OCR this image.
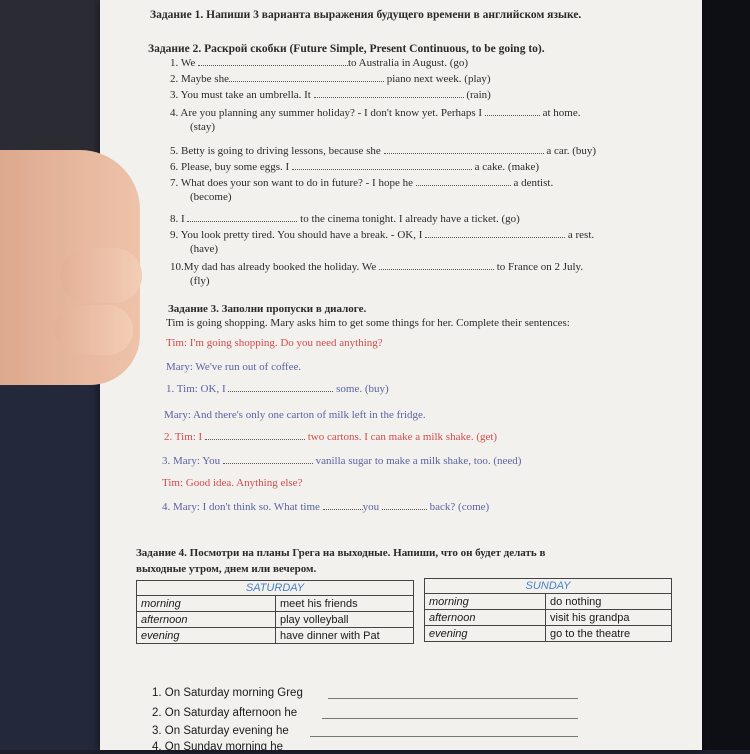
Задание 1. Напиши 3 варианта выражения будущего времени в английском языке.
Задание 2. Раскрой скобки (Future Simple, Present Continuous, to be going to).
1. We	to Australia in August. (go)
2. Maybe she	piano next week. (play)
3. You must take an umbrella. It	(rain)
4. Are you planning any summer holiday? - I don't know yet. Perhaps I	at home.
(stay)
5. Betty is going to driving lessons, because she	a car. (buy)
6. Please, buy some eggs. I	a cake. (make)
7. What does your son want to do in future? - I hope he	a dentist.
(become)
8. I	to the cinema tonight. I already have a ticket. (go)
9. You look pretty tired. You should have a break. - OK, I	a rest.
(have)
10.My dad has already booked the holiday. We	to France on 2 July.
(fly)
Задание 3. Заполни пропуски в диалоге.
Tim is going shopping. Mary asks him to get some things for her. Complete their sentences:
Tim: I'm going shopping. Do you need anything?
Mary: We've run out of coffee.
1. Tim: OK, I	some. (buy)
Mary: And there's only one carton of milk left in the fridge.
2. Tim: I	two cartons. I can make a milk shake. (get)
3. Mary: You	vanilla sugar to make a milk shake, too. (need)
Tim: Good idea. Anything else?
4. Mary: I don't think so. What time	you	back? (come)
Задание 4. Посмотри на планы Грега на выходные. Напиши, что он будет делать в
выходные утром, днем или вечером.
SATURDAY	
morning	meet his friends
afternoon	play volleyball
evening	have dinner with Pat
SUNDAY	
morning	do nothing
afternoon	visit his grandpa
evening	go to the theatre
1. On Saturday morning Greg
2. On Saturday afternoon he
3. On Saturday evening he
4. On Sunday morning he
